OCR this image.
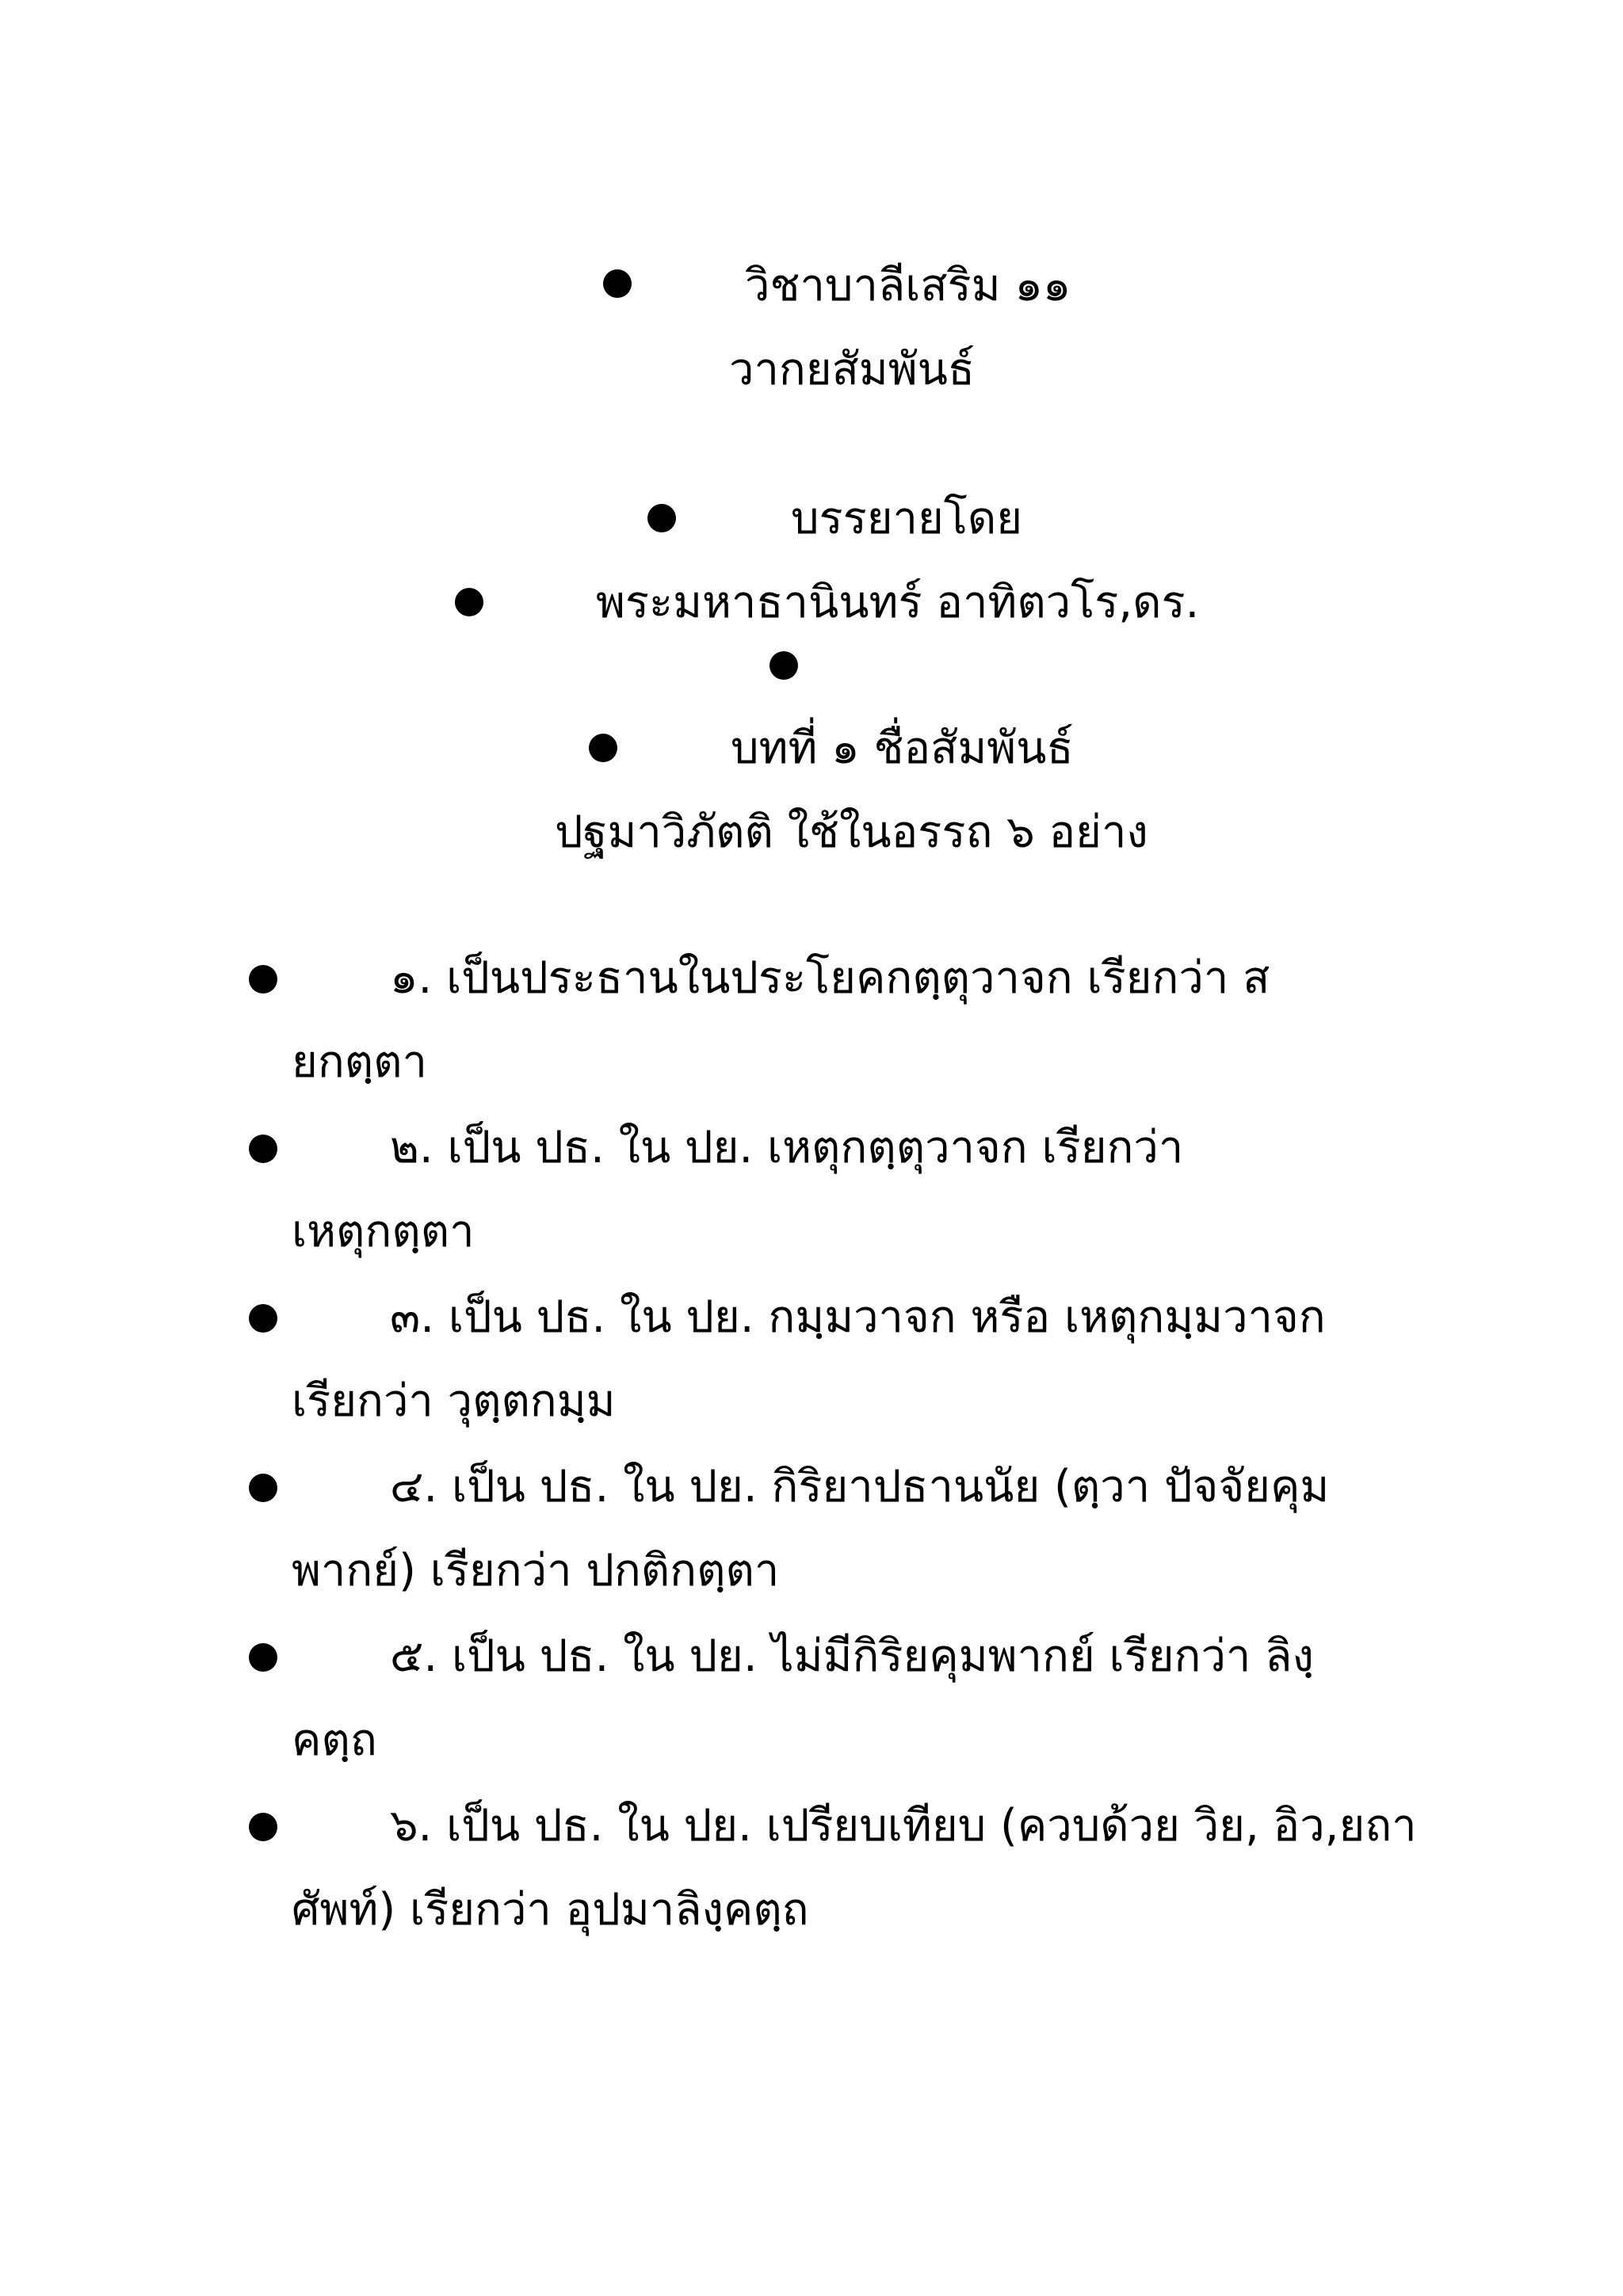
วิชาบาลีเสริม ๑๑
วากยสัมพันธ์
บรรยายโดย
พระมหาธานินทร์ อาทิตวโร,ดร.
บทที่ ๑ ชื่อสัมพันธ์
ปฐมาวิภัตติ ใช้ในอรรถ ๖ อย่าง
๑. เป็นประธานในประโยคกตฺตุวาจก เรียกว่า ส
ยกตฺตา
๒. เป็น ปธ. ใน ปย. เหตุกตฺตุวาจก เรียกว่า
เหตุกตฺตา
๓. เป็น ปธ. ใน ปย. กมฺมวาจก หรือ เหตุกมฺมวาจก
เรียกว่า วุตฺตกมฺม
๔. เป็น ปธ. ใน ปย. กิริยาปธานนัย (ตฺวา ปัจจัยคุม
พากย์) เรียกว่า ปกติกตฺตา
๕. เป็น ปธ. ใน ปย. ไม่มีกิริยคุมพากย์ เรียกว่า ลิงฺ
คตฺถ
๖. เป็น ปธ. ใน ปย. เปรียบเทียบ (ควบด้วย วิย, อิว,ยถา
ศัพท์) เรียกว่า อุปมาลิงฺคตฺถ
